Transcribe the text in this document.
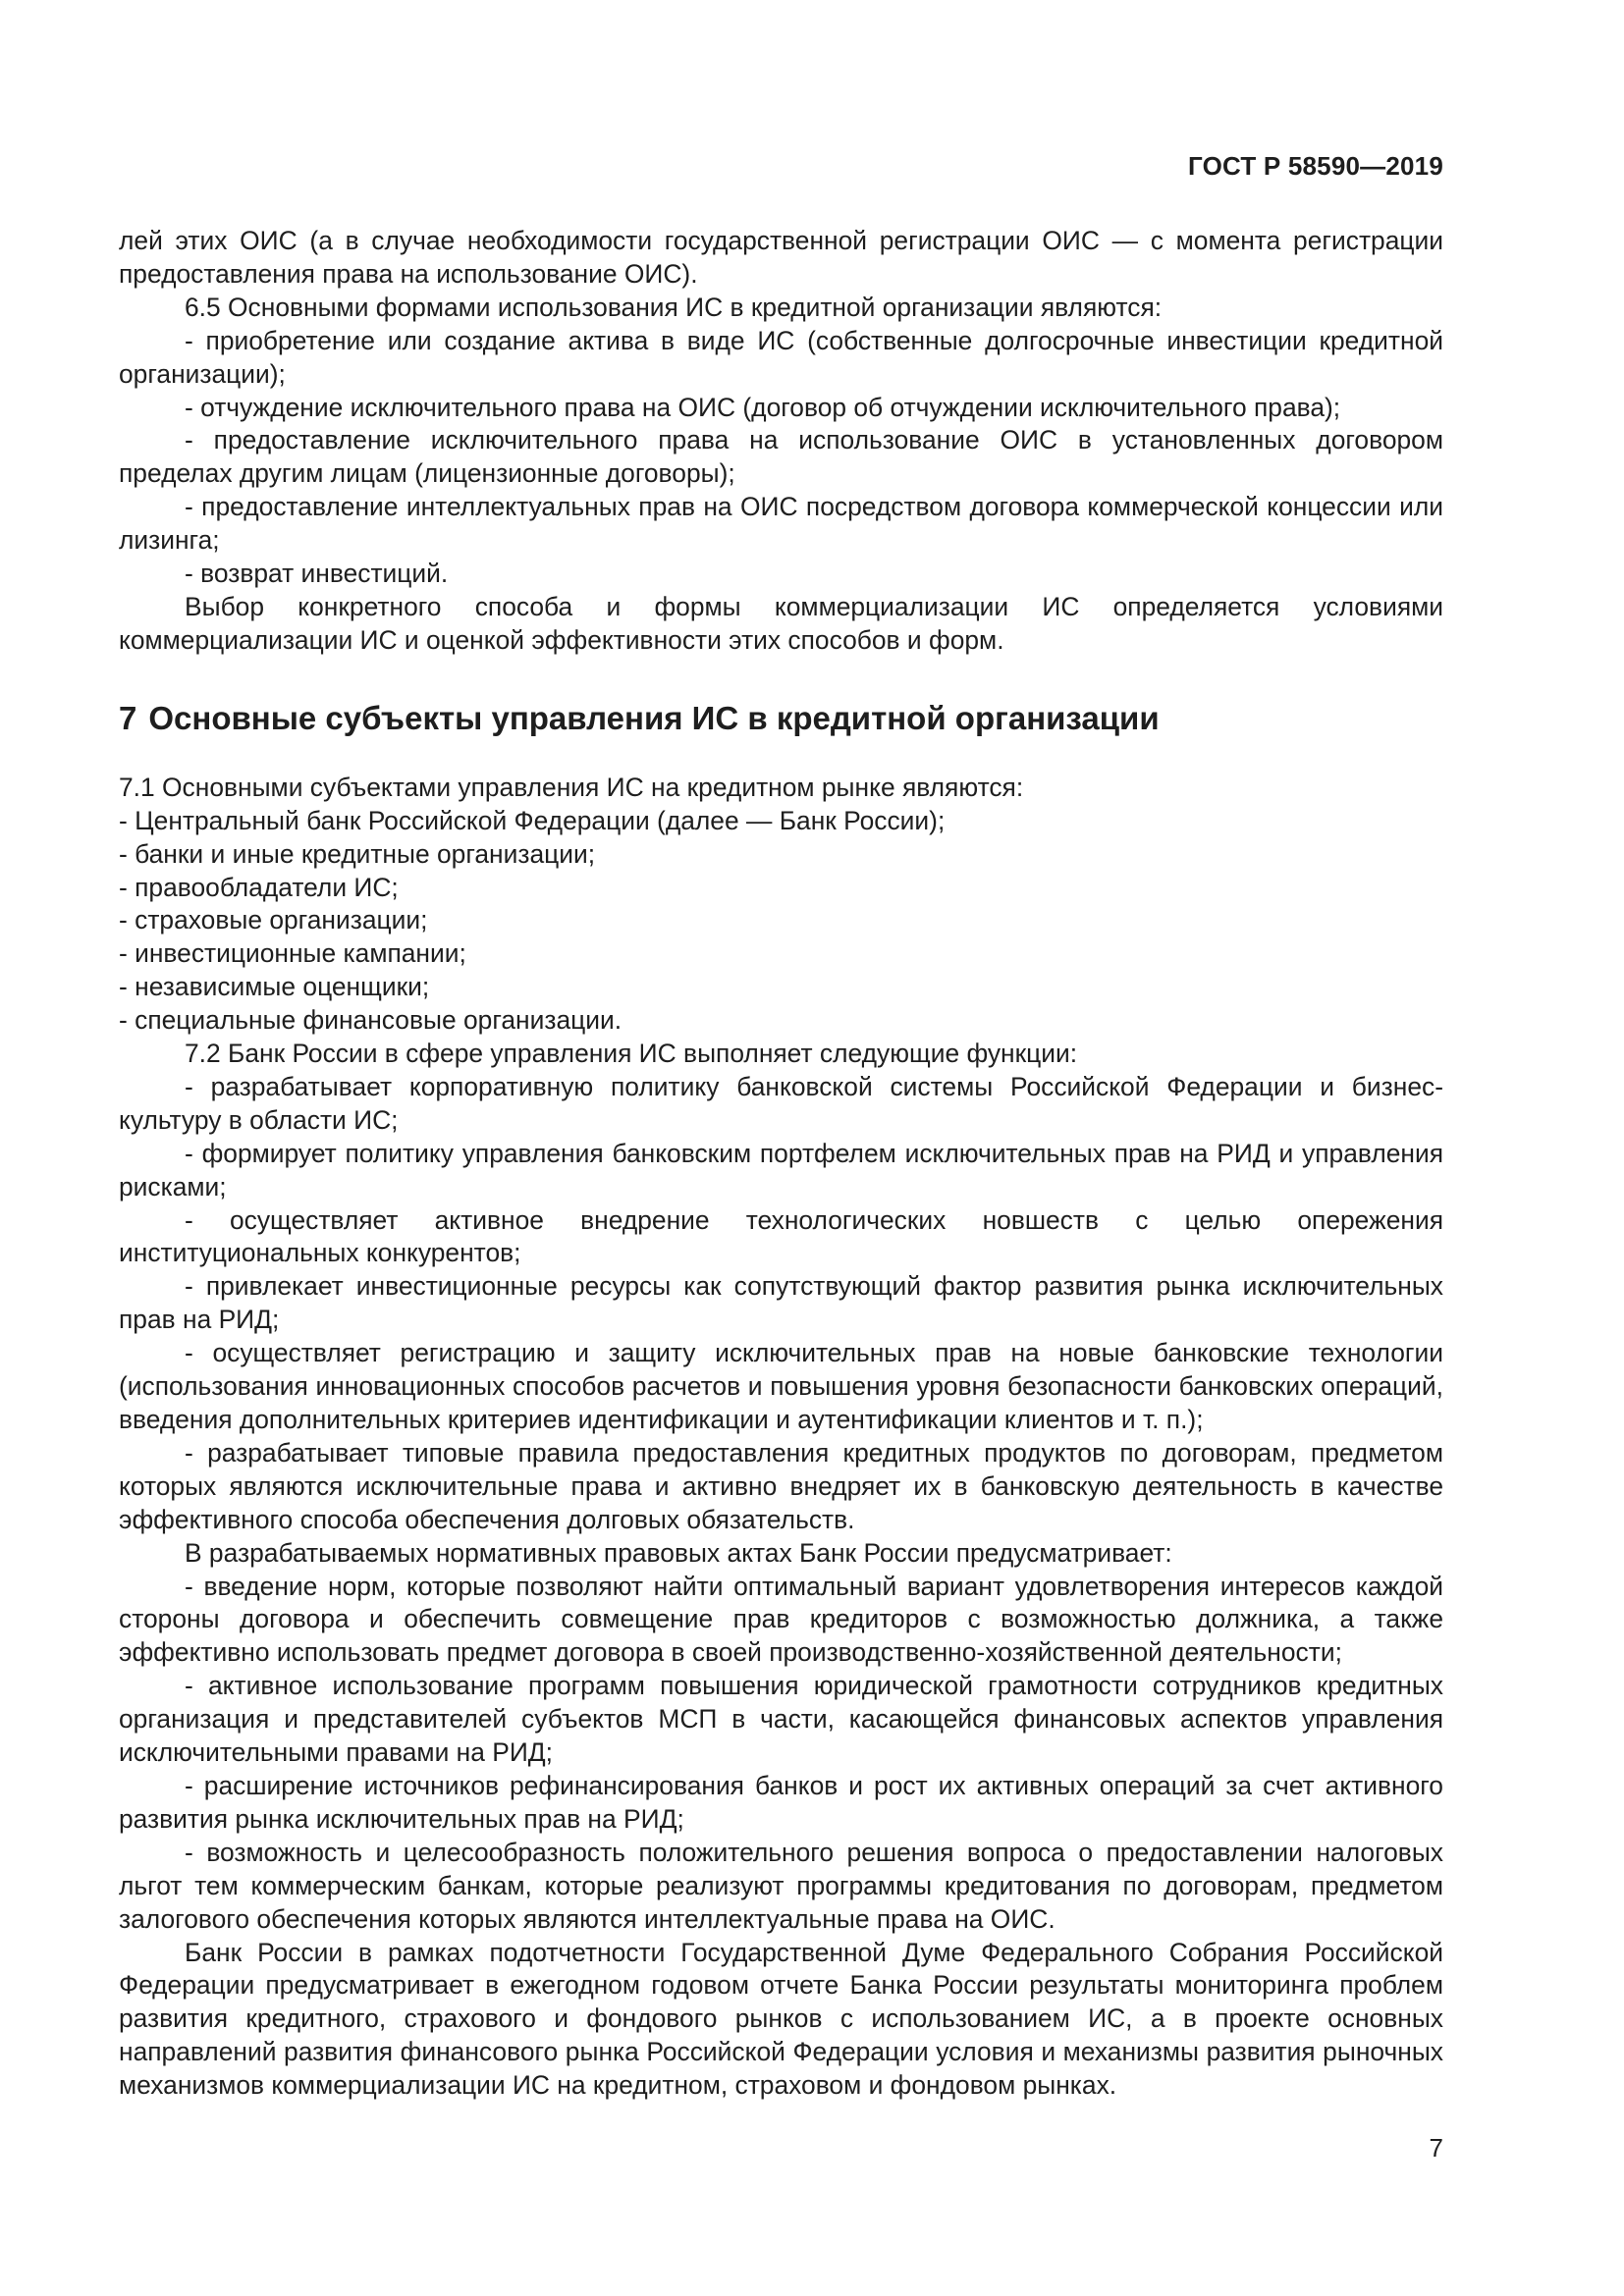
ГОСТ Р 58590—2019

лей этих ОИС (а в случае необходимости государственной регистрации ОИС — с момента регистрации предоставления права на использование ОИС).

6.5 Основными формами использования ИС в кредитной организации являются:

- приобретение или создание актива в виде ИС (собственные долгосрочные инвестиции кредитной организации);

- отчуждение исключительного права на ОИС (договор об отчуждении исключительного права);

- предоставление исключительного права на использование ОИС в установленных договором пределах другим лицам (лицензионные договоры);

- предоставление интеллектуальных прав на ОИС посредством договора коммерческой концессии или лизинга;

- возврат инвестиций.

Выбор конкретного способа и формы коммерциализации ИС определяется условиями коммерциализации ИС и оценкой эффективности этих способов и форм.

7 Основные субъекты управления ИС в кредитной организации

7.1 Основными субъектами управления ИС на кредитном рынке являются:

- Центральный банк Российской Федерации (далее — Банк России);

- банки и иные кредитные организации;

- правообладатели ИС;

- страховые организации;

- инвестиционные кампании;

- независимые оценщики;

- специальные финансовые организации.

7.2 Банк России в сфере управления ИС выполняет следующие функции:

- разрабатывает корпоративную политику банковской системы Российской Федерации и бизнес-культуру в области ИС;

- формирует политику управления банковским портфелем исключительных прав на РИД и управления рисками;

- осуществляет активное внедрение технологических новшеств с целью опережения институциональных конкурентов;

- привлекает инвестиционные ресурсы как сопутствующий фактор развития рынка исключительных прав на РИД;

- осуществляет регистрацию и защиту исключительных прав на новые банковские технологии (использования инновационных способов расчетов и повышения уровня безопасности банковских операций, введения дополнительных критериев идентификации и аутентификации клиентов и т. п.);

- разрабатывает типовые правила предоставления кредитных продуктов по договорам, предметом которых являются исключительные права и активно внедряет их в банковскую деятельность в качестве эффективного способа обеспечения долговых обязательств.

В разрабатываемых нормативных правовых актах Банк России предусматривает:

- введение норм, которые позволяют найти оптимальный вариант удовлетворения интересов каждой стороны договора и обеспечить совмещение прав кредиторов с возможностью должника, а также эффективно использовать предмет договора в своей производственно-хозяйственной деятельности;

- активное использование программ повышения юридической грамотности сотрудников кредитных организация и представителей субъектов МСП в части, касающейся финансовых аспектов управления исключительными правами на РИД;

- расширение источников рефинансирования банков и рост их активных операций за счет активного развития рынка исключительных прав на РИД;

- возможность и целесообразность положительного решения вопроса о предоставлении налоговых льгот тем коммерческим банкам, которые реализуют программы кредитования по договорам, предметом залогового обеспечения которых являются интеллектуальные права на ОИС.

Банк России в рамках подотчетности Государственной Думе Федерального Собрания Российской Федерации предусматривает в ежегодном годовом отчете Банка России результаты мониторинга проблем развития кредитного, страхового и фондового рынков с использованием ИС, а в проекте основных направлений развития финансового рынка Российской Федерации условия и механизмы развития рыночных механизмов коммерциализации ИС на кредитном, страховом и фондовом рынках.

7
